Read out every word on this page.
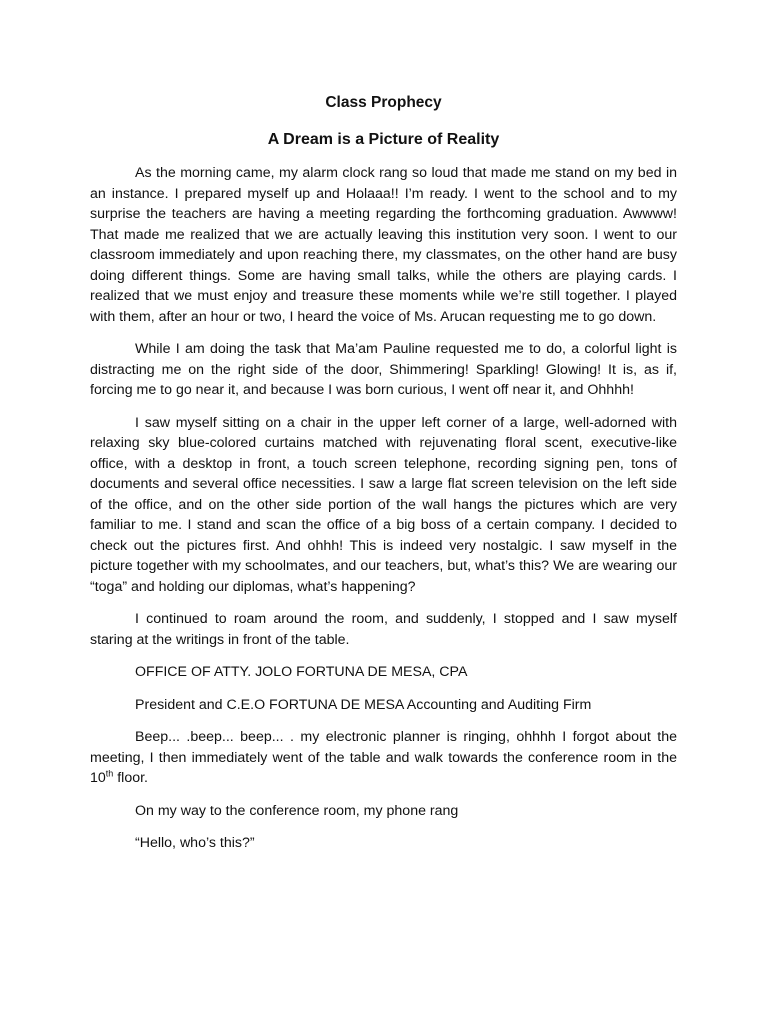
Class Prophecy
A Dream is a Picture of Reality

As the morning came, my alarm clock rang so loud that made me stand on my bed in an instance. I prepared myself up and Holaaa!! I’m ready. I went to the school and to my surprise the teachers are having a meeting regarding the forthcoming graduation. Awwww! That made me realized that we are actually leaving this institution very soon. I went to our classroom immediately and upon reaching there, my classmates, on the other hand are busy doing different things. Some are having small talks, while the others are playing cards. I realized that we must enjoy and treasure these moments while we’re still together. I played with them, after an hour or two, I heard the voice of Ms. Arucan requesting me to go down.

While I am doing the task that Ma’am Pauline requested me to do, a colorful light is distracting me on the right side of the door, Shimmering! Sparkling! Glowing! It is, as if, forcing me to go near it, and because I was born curious, I went off near it, and Ohhhh!

I saw myself sitting on a chair in the upper left corner of a large, well-adorned with relaxing sky blue-colored curtains matched with rejuvenating floral scent, executive-like office, with a desktop in front, a touch screen telephone, recording signing pen, tons of documents and several office necessities. I saw a large flat screen television on the left side of the office, and on the other side portion of the wall hangs the pictures which are very familiar to me. I stand and scan the office of a big boss of a certain company. I decided to check out the pictures first. And ohhh! This is indeed very nostalgic. I saw myself in the picture together with my schoolmates, and our teachers, but, what’s this? We are wearing our “toga” and holding our diplomas, what’s happening?

I continued to roam around the room, and suddenly, I stopped and I saw myself staring at the writings in front of the table.

OFFICE OF ATTY. JOLO FORTUNA DE MESA, CPA

President and C.E.O FORTUNA DE MESA Accounting and Auditing Firm

Beep... .beep... beep... . my electronic planner is ringing, ohhhh I forgot about the meeting, I then immediately went of the table and walk towards the conference room in the 10th floor.

On my way to the conference room, my phone rang

“Hello, who’s this?”
